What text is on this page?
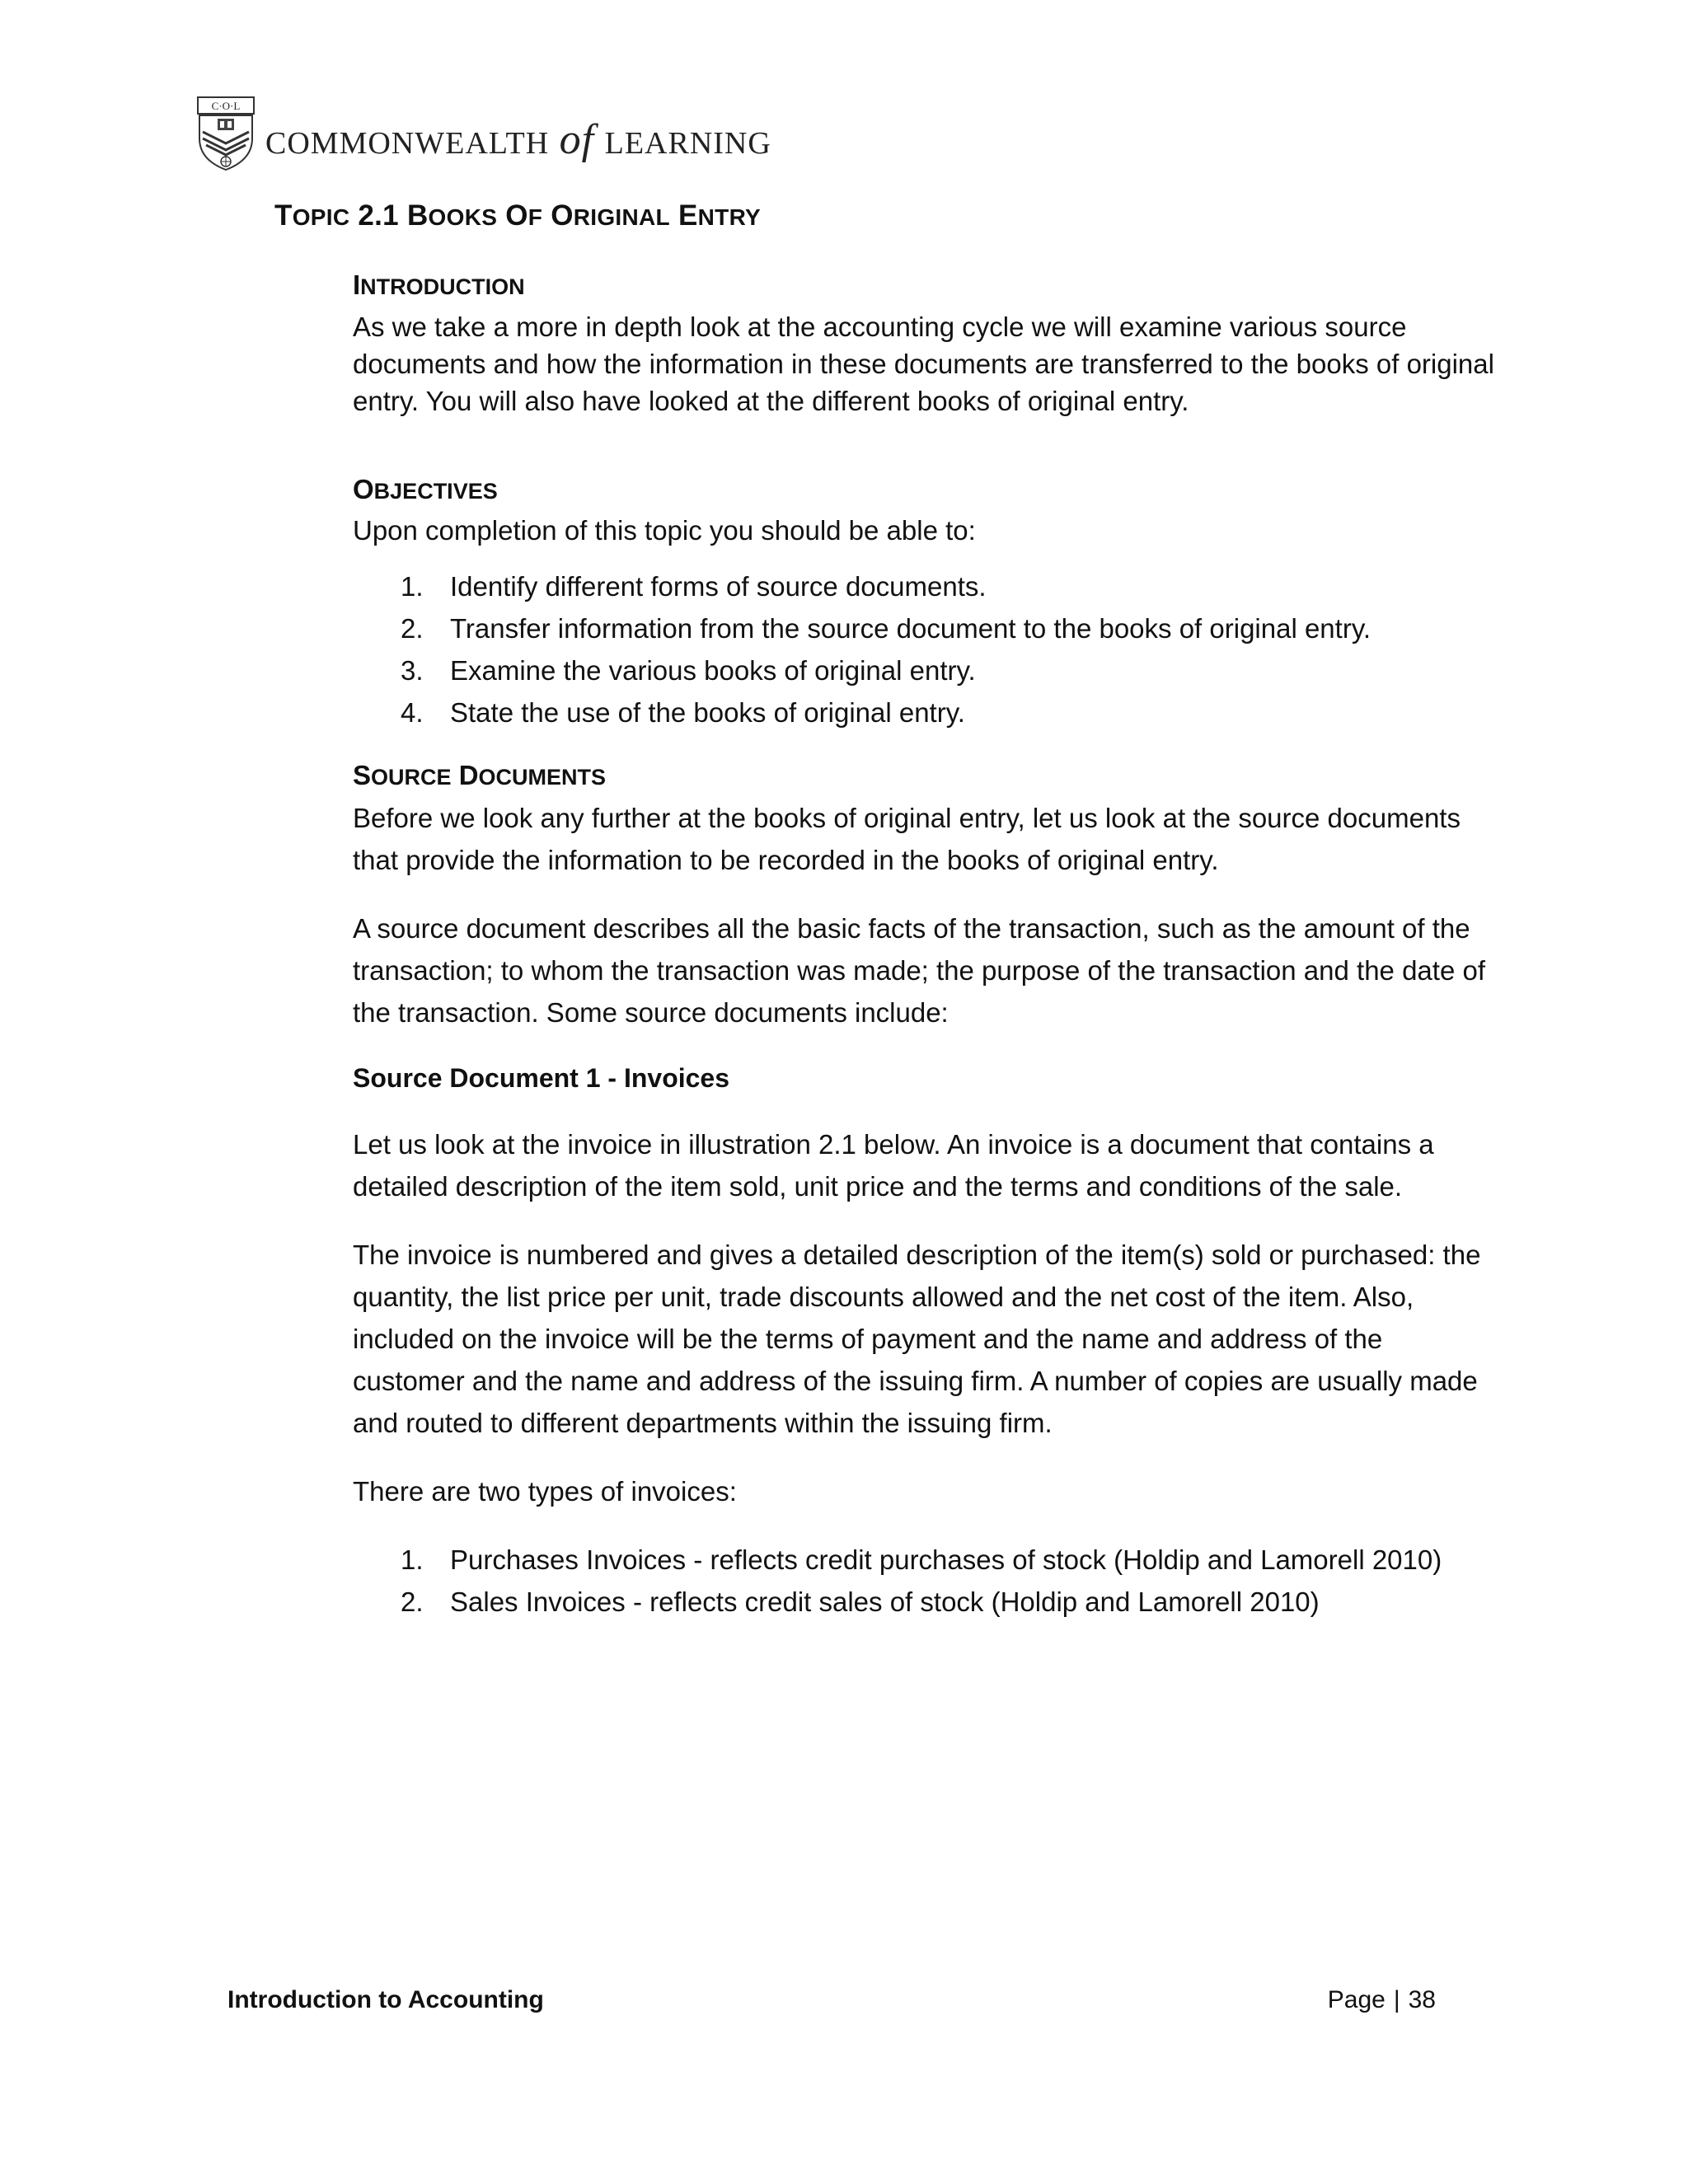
C·O·L
COMMONWEALTH of LEARNING
TOPIC 2.1 BOOKS OF ORIGINAL ENTRY
INTRODUCTION

As we take a more in depth look at the accounting cycle we will examine various source documents and how the information in these documents are transferred to the books of original entry. You will also have looked at the different books of original entry.

OBJECTIVES

Upon completion of this topic you should be able to:

1. Identify different forms of source documents.
2. Transfer information from the source document to the books of original entry.
3. Examine the various books of original entry.
4. State the use of the books of original entry.
SOURCE DOCUMENTS

Before we look any further at the books of original entry, let us look at the source documents that provide the information to be recorded in the books of original entry.

A source document describes all the basic facts of the transaction, such as the amount of the transaction; to whom the transaction was made; the purpose of the transaction and the date of the transaction. Some source documents include:

Source Document 1 - Invoices

Let us look at the invoice in illustration 2.1 below. An invoice is a document that contains a detailed description of the item sold, unit price and the terms and conditions of the sale.

The invoice is numbered and gives a detailed description of the item(s) sold or purchased: the quantity, the list price per unit, trade discounts allowed and the net cost of the item. Also, included on the invoice will be the terms of payment and the name and address of the customer and the name and address of the issuing firm. A number of copies are usually made and routed to different departments within the issuing firm.

There are two types of invoices:

1. Purchases Invoices - reflects credit purchases of stock (Holdip and Lamorell 2010)
2. Sales Invoices - reflects credit sales of stock (Holdip and Lamorell 2010)
Introduction to Accounting	Page | 38
